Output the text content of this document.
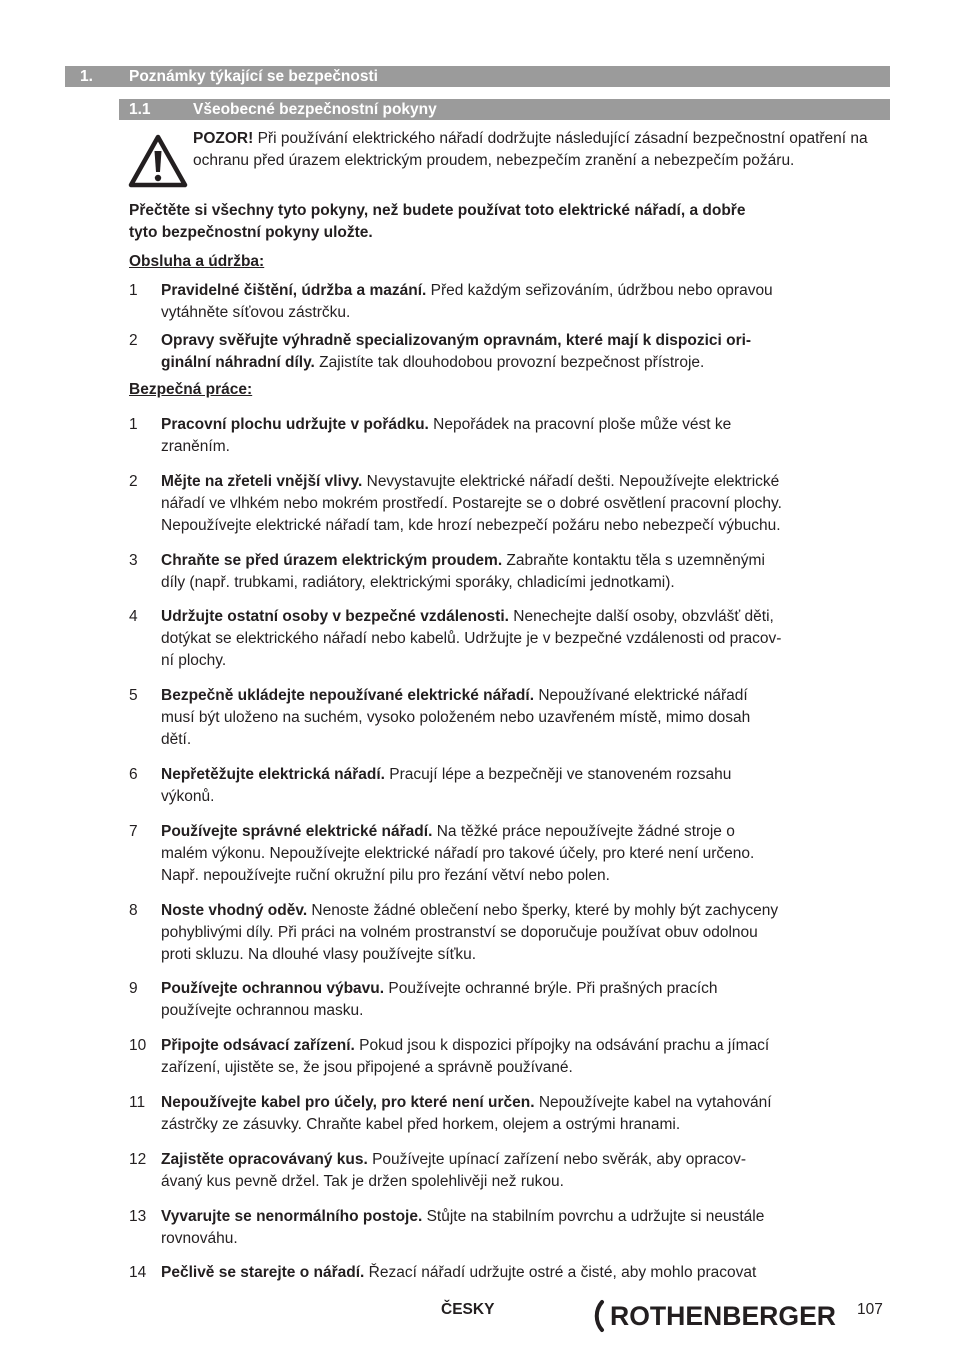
1. Poznámky týkající se bezpečnosti
1.1	Všeobecné bezpečnostní pokyny
POZOR! Při používání elektrického nářadí dodržujte následující zásadní bezpečnostní opatření na ochranu před úrazem elektrickým proudem, nebezpečím zranění a nebezpečím požáru.
Přečtěte si všechny tyto pokyny, než budete používat toto elektrické nářadí, a dobře
tyto bezpečnostní pokyny uložte.
Obsluha a údržba:
1	Pravidelné čištění, údržba a mazání. Před každým seřizováním, údržbou nebo opravou
vytáhněte síťovou zástrčku.
2	Opravy svěřujte výhradně specializovaným opravnám, které mají k dispozici ori-
ginální náhradní díly. Zajistíte tak dlouhodobou provozní bezpečnost přístroje.
Bezpečná práce:
1	Pracovní plochu udržujte v pořádku. Nepořádek na pracovní ploše může vést ke
zraněním.
2	Mějte na zřeteli vnější vlivy. Nevystavujte elektrické nářadí dešti. Nepoužívejte elektrické
nářadí ve vlhkém nebo mokrém prostředí. Postarejte se o dobré osvětlení pracovní plochy.
Nepoužívejte elektrické nářadí tam, kde hrozí nebezpečí požáru nebo nebezpečí výbuchu.
3	Chraňte se před úrazem elektrickým proudem. Zabraňte kontaktu těla s uzemněnými
díly (např. trubkami, radiátory, elektrickými sporáky, chladicími jednotkami).
4	Udržujte ostatní osoby v bezpečné vzdálenosti. Nenechejte další osoby, obzvlášť děti,
dotýkat se elektrického nářadí nebo kabelů. Udržujte je v bezpečné vzdálenosti od pracov-
ní plochy.
5	Bezpečně ukládejte nepoužívané elektrické nářadí. Nepoužívané elektrické nářadí
musí být uloženo na suchém, vysoko položeném nebo uzavřeném místě, mimo dosah
dětí.
6	Nepřetěžujte elektrická nářadí. Pracují lépe a bezpečněji ve stanoveném rozsahu
výkonů.
7	Používejte správné elektrické nářadí. Na těžké práce nepoužívejte žádné stroje o
malém výkonu. Nepoužívejte elektrické nářadí pro takové účely, pro které není určeno.
Např. nepoužívejte ruční okružní pilu pro řezání větví nebo polen.
8	Noste vhodný oděv. Nenoste žádné oblečení nebo šperky, které by mohly být zachyceny
pohyblivými díly. Při práci na volném prostranství se doporučuje používat obuv odolnou
proti skluzu. Na dlouhé vlasy používejte síťku.
9	Používejte ochrannou výbavu. Používejte ochranné brýle. Při prašných pracích
používejte ochrannou masku.
10 Připojte odsávací zařízení. Pokud jsou k dispozici přípojky na odsávání prachu a jímací
zařízení, ujistěte se, že jsou připojené a správně používané.
11	Nepoužívejte kabel pro účely, pro které není určen. Nepoužívejte kabel na vytahování
zástrčky ze zásuvky. Chraňte kabel před horkem, olejem a ostrými hranami.
12 Zajistěte opracovávaný kus. Používejte upínací zařízení nebo svěrák, aby opracov-
ávaný kus pevně držel. Tak je držen spolehlivěji než rukou.
13 Vyvarujte se nenormálního postoje. Stůjte na stabilním povrchu a udržujte si neustále
rovnováhu.
14 Pečlivě se starejte o nářadí. Řezací nářadí udržujte ostré a čisté, aby mohlo pracovat
ČESKY	ROTHENBERGER 107
